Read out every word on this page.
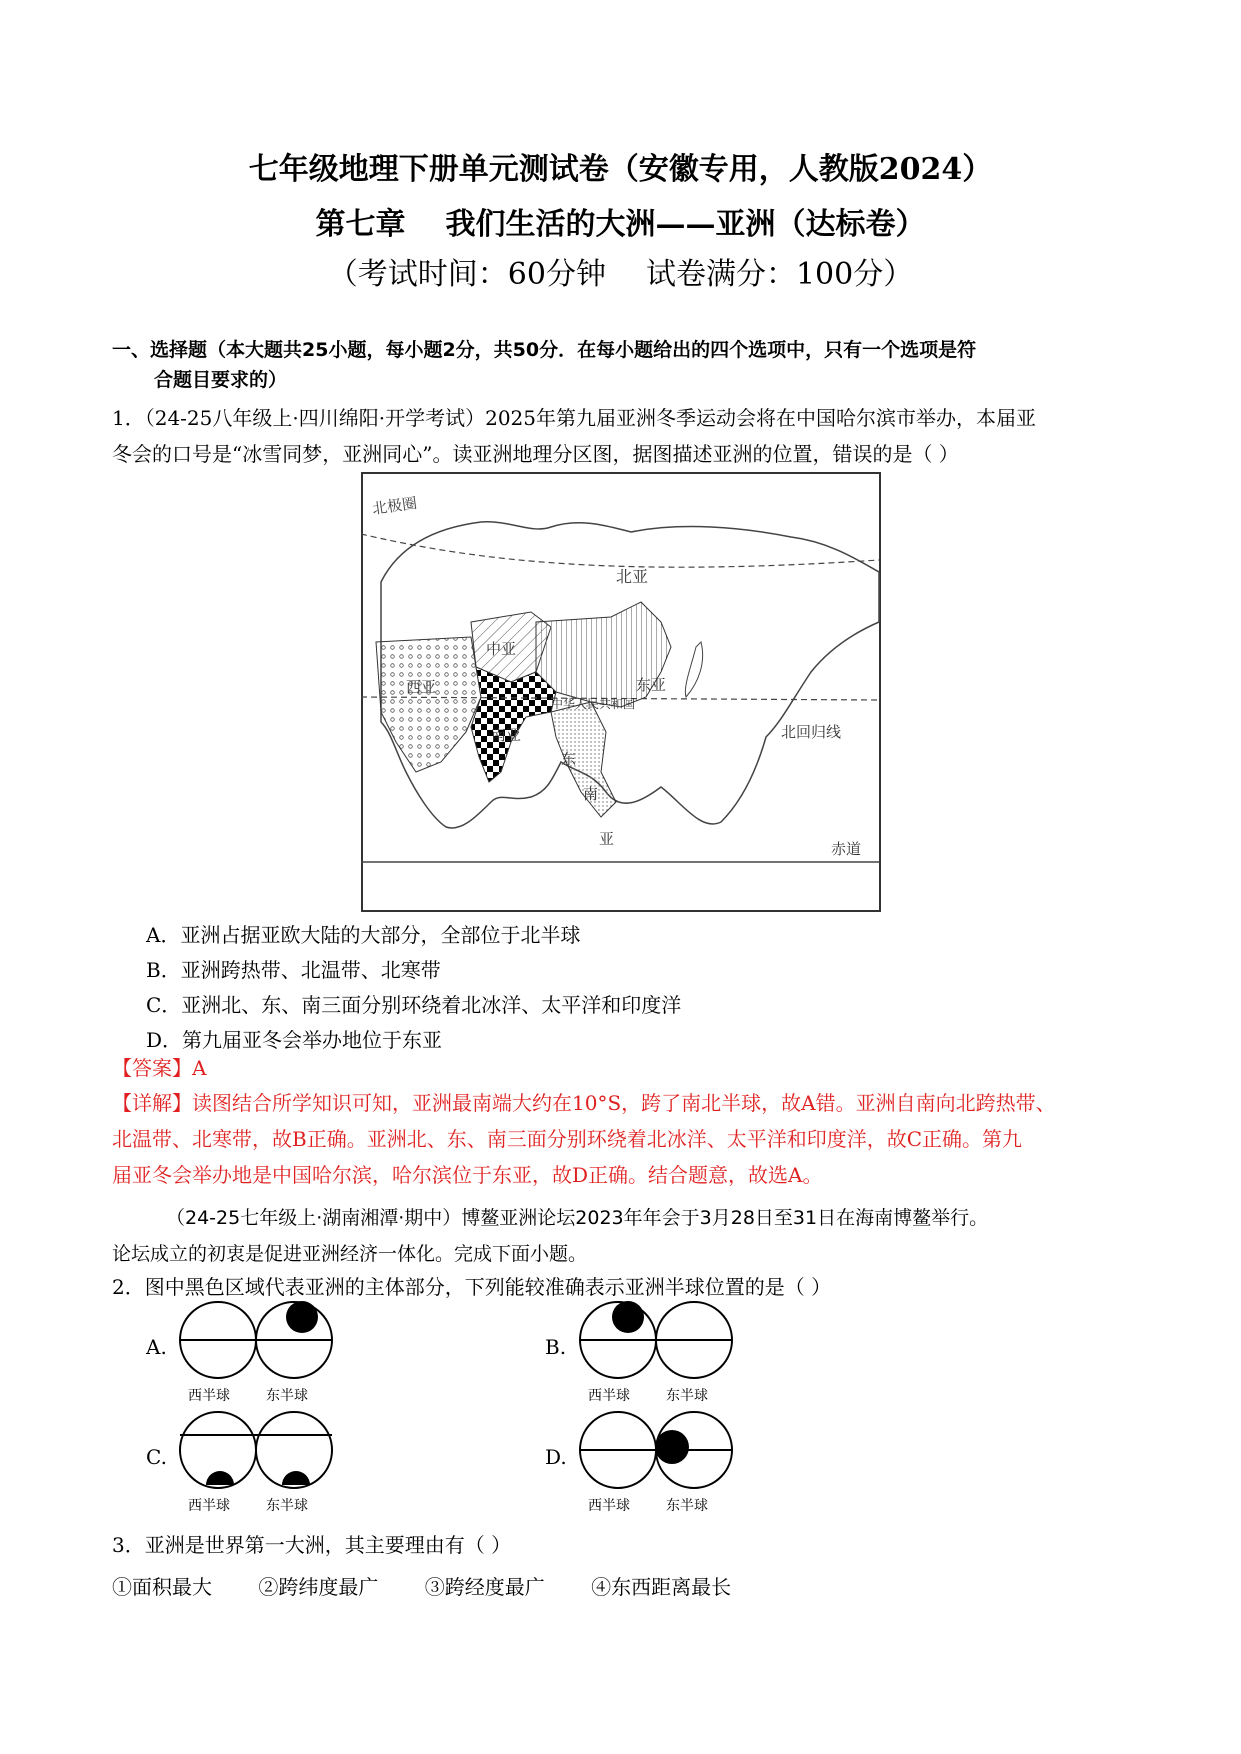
七年级地理下册单元测试卷（安徽专用，人教版2024）
第七章 我们生活的大洲——亚洲（达标卷）
（考试时间：60分钟 试卷满分：100分）
一、选择题（本大题共25小题，每小题2分，共50分．在每小题给出的四个选项中，只有一个选项是符
合题目要求的）
1．（24-25八年级上·四川绵阳·开学考试）2025年第九届亚洲冬季运动会将在中国哈尔滨市举办，本届亚
冬会的口号是“冰雪同梦，亚洲同心”。读亚洲地理分区图，据图描述亚洲的位置，错误的是（ ）
北极圈
北亚
中亚
西亚	东亚
中华人民共和国
南亚	北回归线
东
南
亚
赤道
A．亚洲占据亚欧大陆的大部分，全部位于北半球
B．亚洲跨热带、北温带、北寒带
C．亚洲北、东、南三面分别环绕着北冰洋、太平洋和印度洋
D．第九届亚冬会举办地位于东亚
【答案】A
【详解】读图结合所学知识可知，亚洲最南端大约在10°S，跨了南北半球，故A错。亚洲自南向北跨热带、
北温带、北寒带，故B正确。亚洲北、东、南三面分别环绕着北冰洋、太平洋和印度洋，故C正确。第九
届亚冬会举办地是中国哈尔滨，哈尔滨位于东亚，故D正确。结合题意，故选A。
（24-25七年级上·湖南湘潭·期中）博鳌亚洲论坛2023年年会于3月28日至31日在海南博鳌举行。
论坛成立的初衷是促进亚洲经济一体化。完成下面小题。
2．图中黑色区域代表亚洲的主体部分，下列能较准确表示亚洲半球位置的是（ ）
A.
西半球	东半球
B.
西半球	东半球
C.
西半球	东半球
D.
西半球	东半球
3．亚洲是世界第一大洲，其主要理由有（ ）
①面积最大 ②跨纬度最广 ③跨经度最广 ④东西距离最长
